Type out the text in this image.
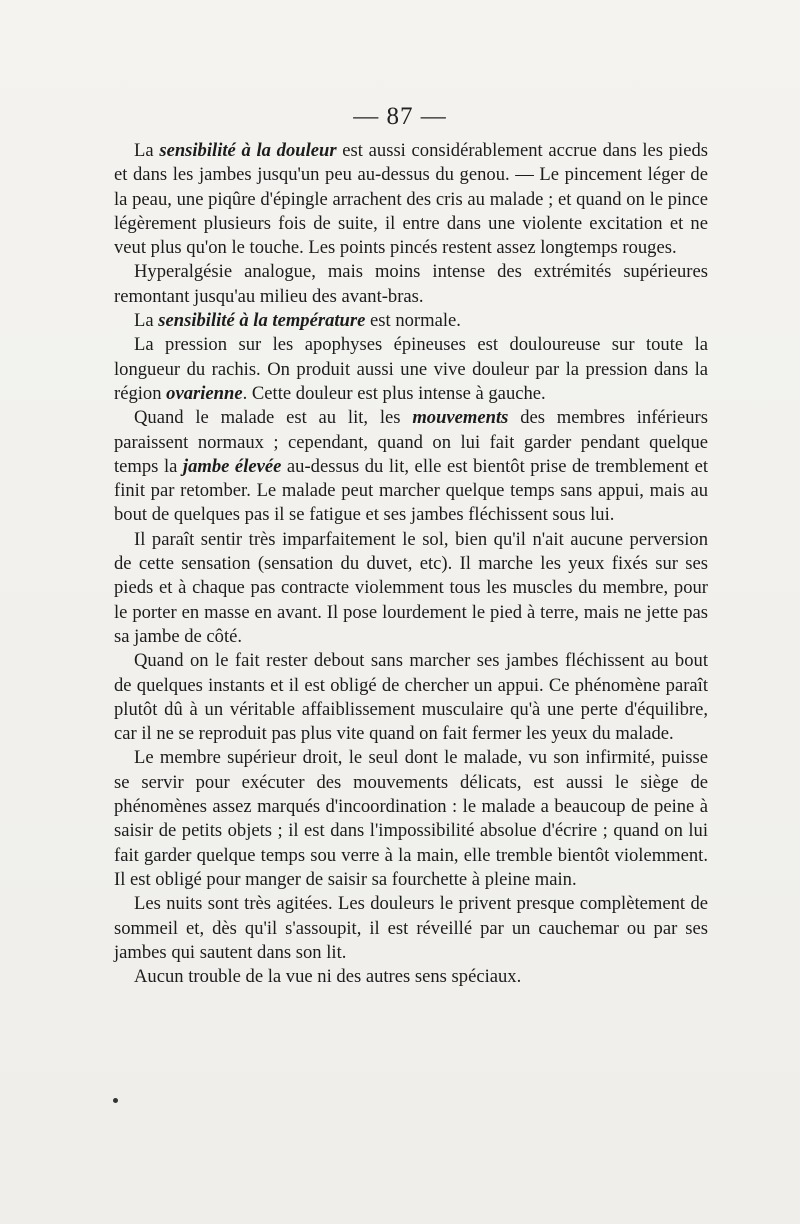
— 87 —

La sensibilité à la douleur est aussi considérablement accrue dans les pieds et dans les jambes jusqu'un peu au-dessus du genou. — Le pincement léger de la peau, une piqûre d'épingle arrachent des cris au malade ; et quand on le pince légèrement plusieurs fois de suite, il entre dans une violente excitation et ne veut plus qu'on le touche. Les points pincés restent assez longtemps rouges.

Hyperalgésie analogue, mais moins intense des extrémités supérieures remontant jusqu'au milieu des avant-bras.

La sensibilité à la température est normale.

La pression sur les apophyses épineuses est douloureuse sur toute la longueur du rachis. On produit aussi une vive douleur par la pression dans la région ovarienne. Cette douleur est plus intense à gauche.

Quand le malade est au lit, les mouvements des membres inférieurs paraissent normaux ; cependant, quand on lui fait garder pendant quelque temps la jambe élevée au-dessus du lit, elle est bientôt prise de tremblement et finit par retomber. Le malade peut marcher quelque temps sans appui, mais au bout de quelques pas il se fatigue et ses jambes fléchissent sous lui.

Il paraît sentir très imparfaitement le sol, bien qu'il n'ait aucune perversion de cette sensation (sensation du duvet, etc). Il marche les yeux fixés sur ses pieds et à chaque pas contracte violemment tous les muscles du membre, pour le porter en masse en avant. Il pose lourdement le pied à terre, mais ne jette pas sa jambe de côté.

Quand on le fait rester debout sans marcher ses jambes fléchissent au bout de quelques instants et il est obligé de chercher un appui. Ce phénomène paraît plutôt dû à un véritable affaiblissement musculaire qu'à une perte d'équilibre, car il ne se reproduit pas plus vite quand on fait fermer les yeux du malade.

Le membre supérieur droit, le seul dont le malade, vu son infirmité, puisse se servir pour exécuter des mouvements délicats, est aussi le siège de phénomènes assez marqués d'incoordination : le malade a beaucoup de peine à saisir de petits objets ; il est dans l'impossibilité absolue d'écrire ; quand on lui fait garder quelque temps sou verre à la main, elle tremble bientôt violemment. Il est obligé pour manger de saisir sa fourchette à pleine main.

Les nuits sont très agitées. Les douleurs le privent presque complètement de sommeil et, dès qu'il s'assoupit, il est réveillé par un cauchemar ou par ses jambes qui sautent dans son lit.

Aucun trouble de la vue ni des autres sens spéciaux.
